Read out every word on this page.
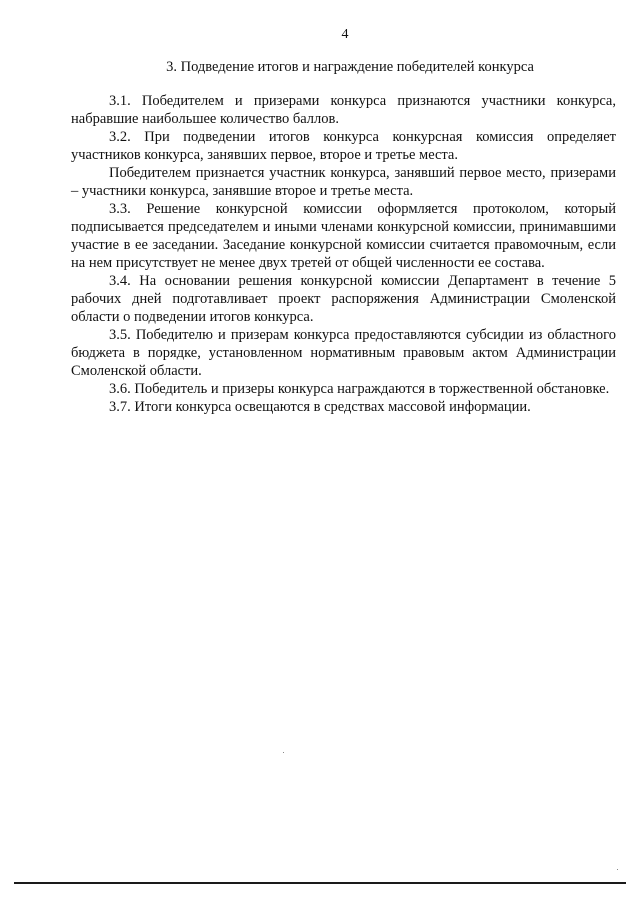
4
3. Подведение итогов и награждение победителей конкурса

3.1. Победителем и призерами конкурса признаются участники конкурса, набравшие наибольшее количество баллов.

3.2. При подведении итогов конкурса конкурсная комиссия определяет участников конкурса, занявших первое, второе и третье места.

Победителем признается участник конкурса, занявший первое место, призерами – участники конкурса, занявшие второе и третье места.

3.3. Решение конкурсной комиссии оформляется протоколом, который подписывается председателем и иными членами конкурсной комиссии, принимавшими участие в ее заседании. Заседание конкурсной комиссии считается правомочным, если на нем присутствует не менее двух третей от общей численности ее состава.

3.4. На основании решения конкурсной комиссии Департамент в течение 5 рабочих дней подготавливает проект распоряжения Администрации Смоленской области о подведении итогов конкурса.

3.5. Победителю и призерам конкурса предоставляются субсидии из областного бюджета в порядке, установленном нормативным правовым актом Администрации Смоленской области.

3.6. Победитель и призеры конкурса награждаются в торжественной обстановке.

3.7. Итоги конкурса освещаются в средствах массовой информации.
